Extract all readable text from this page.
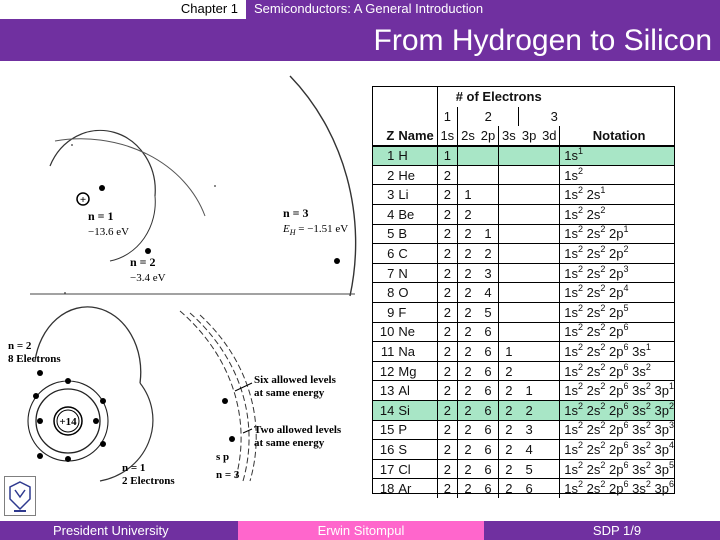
Chapter 1	Semiconductors: A General Introduction
From Hydrogen to Silicon
+
n = 1
−13.6 eV
n = 2
−3.4 eV
n = 3
$E_H = -1.51$ eV
+14
n = 2
8 Electrons
Six allowed levels
at same energy
Two allowed levels
at same energy
s p
n = 1
2 Electrons	n = 3
		# of Electrons						
		1	2			3		
Z	Name	1s	2s	2p	3s	3p	3d	Notation
1	H	1						$1s^1$
2	He	2						$1s^2$
3	Li	2	1					$1s^2$ $2s^1$
4	Be	2	2					$1s^2$ $2s^2$
5	B	2	2	1				$1s^2$ $2s^2$ $2p^1$
6	C	2	2	2				$1s^2$ $2s^2$ $2p^2$
7	N	2	2	3				$1s^2$ $2s^2$ $2p^3$
8	O	2	2	4				$1s^2$ $2s^2$ $2p^4$
9	F	2	2	5				$1s^2$ $2s^2$ $2p^5$
10	Ne	2	2	6				$1s^2$ $2s^2$ $2p^6$
11	Na	2	2	6	1			$1s^2$ $2s^2$ $2p^6$ $3s^1$
12	Mg	2	2	6	2			$1s^2$ $2s^2$ $2p^6$ $3s^2$
13	Al	2	2	6	2	1		$1s^2$ $2s^2$ $2p^6$ $3s^2$ $3p^1$
14	Si	2	2	6	2	2		$1s^2$ $2s^2$ $2p^6$ $3s^2$ $3p^2$
15	P	2	2	6	2	3		$1s^2$ $2s^2$ $2p^6$ $3s^2$ $3p^3$
16	S	2	2	6	2	4		$1s^2$ $2s^2$ $2p^6$ $3s^2$ $3p^4$
17	Cl	2	2	6	2	5		$1s^2$ $2s^2$ $2p^6$ $3s^2$ $3p^5$
18	Ar	2	2	6	2	6		$1s^2$ $2s^2$ $2p^6$ $3s^2$ $3p^6$
President University	Erwin Sitompul	SDP 1/9
